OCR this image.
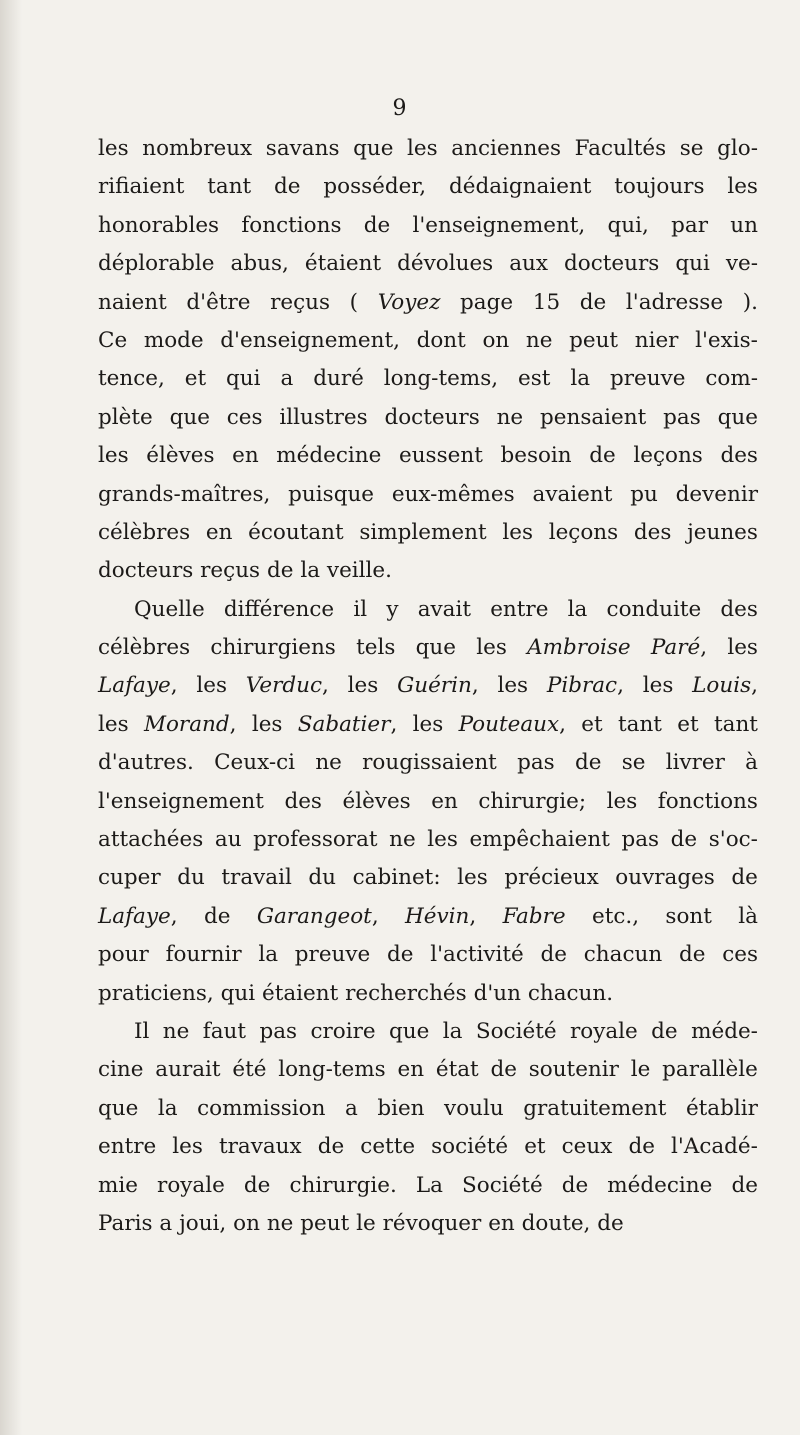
9
les nombreux savans que les anciennes Facultés se glo-
rifiaient tant de posséder, dédaignaient toujours les
honorables fonctions de l'enseignement, qui, par un
déplorable abus, étaient dévolues aux docteurs qui ve-
naient d'être reçus ( Voyez page 15 de l'adresse ).
Ce mode d'enseignement, dont on ne peut nier l'exis-
tence, et qui a duré long-tems, est la preuve com-
plète que ces illustres docteurs ne pensaient pas que
les élèves en médecine eussent besoin de leçons des
grands-maîtres, puisque eux-mêmes avaient pu devenir
célèbres en écoutant simplement les leçons des jeunes
docteurs reçus de la veille.
Quelle différence il y avait entre la conduite des
célèbres chirurgiens tels que les Ambroise Paré, les
Lafaye, les Verduc, les Guérin, les Pibrac, les Louis,
les Morand, les Sabatier, les Pouteaux, et tant et tant
d'autres. Ceux-ci ne rougissaient pas de se livrer à
l'enseignement des élèves en chirurgie; les fonctions
attachées au professorat ne les empêchaient pas de s'oc-
cuper du travail du cabinet: les précieux ouvrages de
Lafaye, de Garangeot, Hévin, Fabre etc., sont là
pour fournir la preuve de l'activité de chacun de ces
praticiens, qui étaient recherchés d'un chacun.
Il ne faut pas croire que la Société royale de méde-
cine aurait été long-tems en état de soutenir le parallèle
que la commission a bien voulu gratuitement établir
entre les travaux de cette société et ceux de l'Acadé-
mie royale de chirurgie. La Société de médecine de
Paris a joui, on ne peut le révoquer en doute, de
